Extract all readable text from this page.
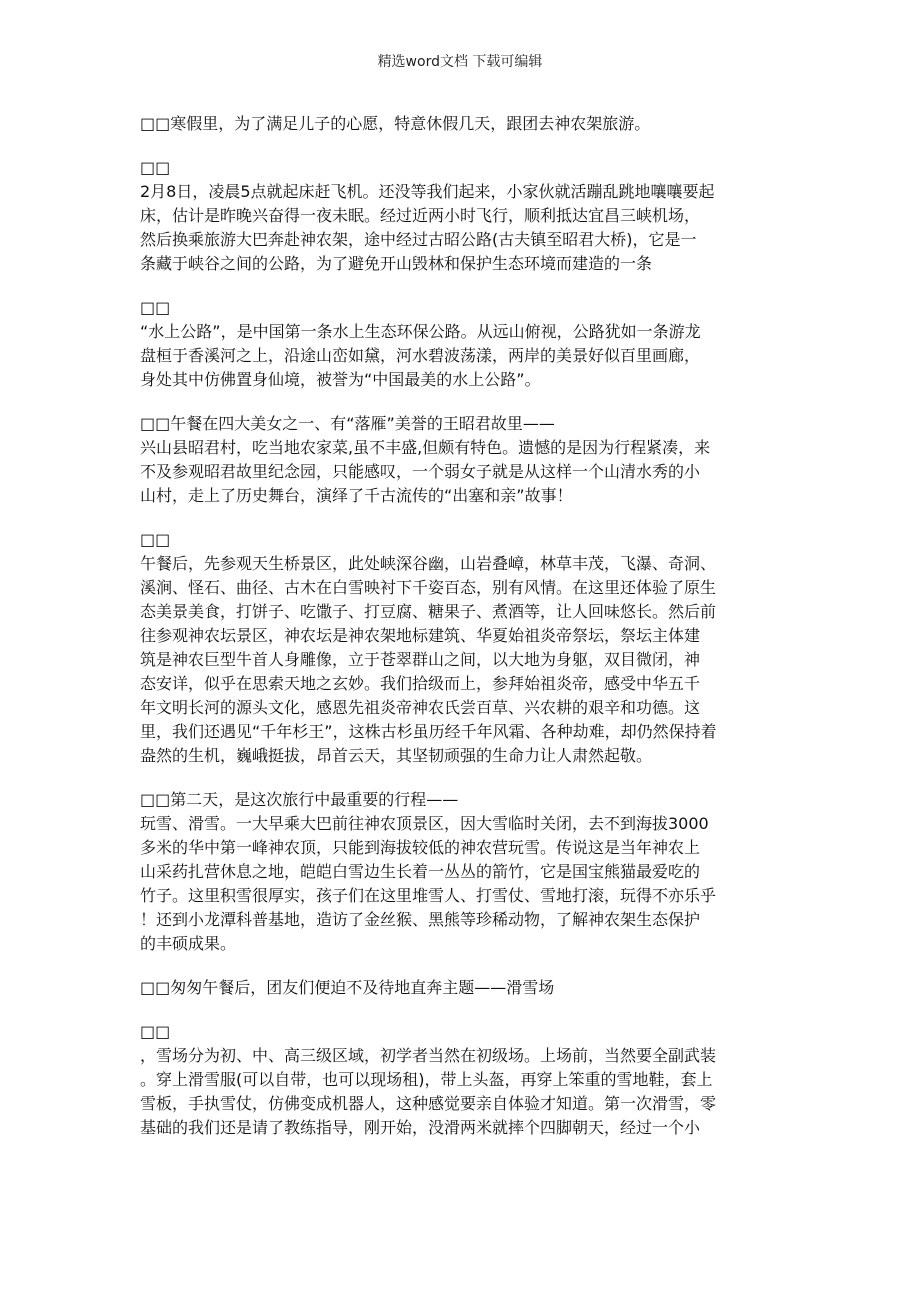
精选word文档 下载可编辑
□□寒假里，为了满足儿子的心愿，特意休假几天，跟团去神农架旅游。
□□
2月8日，凌晨5点就起床赶飞机。还没等我们起来，小家伙就活蹦乱跳地嚷嚷要起
床，估计是昨晚兴奋得一夜未眠。经过近两小时飞行，顺利抵达宜昌三峡机场，
然后换乘旅游大巴奔赴神农架，途中经过古昭公路(古夫镇至昭君大桥)，它是一
条藏于峡谷之间的公路，为了避免开山毁林和保护生态环境而建造的一条
□□
“水上公路”，是中国第一条水上生态环保公路。从远山俯视，公路犹如一条游龙
盘桓于香溪河之上，沿途山峦如黛，河水碧波荡漾，两岸的美景好似百里画廊，
身处其中仿佛置身仙境，被誉为“中国最美的水上公路”。
□□午餐在四大美女之一、有“落雁”美誉的王昭君故里——
兴山县昭君村，吃当地农家菜,虽不丰盛,但颇有特色。遗憾的是因为行程紧凑，来
不及参观昭君故里纪念园，只能感叹，一个弱女子就是从这样一个山清水秀的小
山村，走上了历史舞台，演绎了千古流传的“出塞和亲”故事！
□□
午餐后，先参观天生桥景区，此处峡深谷幽，山岩叠嶂，林草丰茂，飞瀑、奇洞、
溪涧、怪石、曲径、古木在白雪映衬下千姿百态，别有风情。在这里还体验了原生
态美景美食，打饼子、吃馓子、打豆腐、糖果子、煮酒等，让人回味悠长。然后前
往参观神农坛景区，神农坛是神农架地标建筑、华夏始祖炎帝祭坛，祭坛主体建
筑是神农巨型牛首人身雕像，立于苍翠群山之间，以大地为身躯，双目微闭，神
态安详，似乎在思索天地之玄妙。我们拾级而上，参拜始祖炎帝，感受中华五千
年文明长河的源头文化，感恩先祖炎帝神农氏尝百草、兴农耕的艰辛和功德。这
里，我们还遇见“千年杉王”，这株古杉虽历经千年风霜、各种劫难，却仍然保持着
盎然的生机，巍峨挺拔，昂首云天，其坚韧顽强的生命力让人肃然起敬。
□□第二天，是这次旅行中最重要的行程——
玩雪、滑雪。一大早乘大巴前往神农顶景区，因大雪临时关闭，去不到海拔3000
多米的华中第一峰神农顶，只能到海拔较低的神农营玩雪。传说这是当年神农上
山采药扎营休息之地，皑皑白雪边生长着一丛丛的箭竹，它是国宝熊猫最爱吃的
竹子。这里积雪很厚实，孩子们在这里堆雪人、打雪仗、雪地打滚，玩得不亦乐乎
！还到小龙潭科普基地，造访了金丝猴、黑熊等珍稀动物，了解神农架生态保护
的丰硕成果。
□□匆匆午餐后，团友们便迫不及待地直奔主题——滑雪场
□□
，雪场分为初、中、高三级区域，初学者当然在初级场。上场前，当然要全副武装
。穿上滑雪服(可以自带，也可以现场租)，带上头盔，再穿上笨重的雪地鞋，套上
雪板，手执雪仗，仿佛变成机器人，这种感觉要亲自体验才知道。第一次滑雪，零
基础的我们还是请了教练指导，刚开始，没滑两米就摔个四脚朝天，经过一个小
